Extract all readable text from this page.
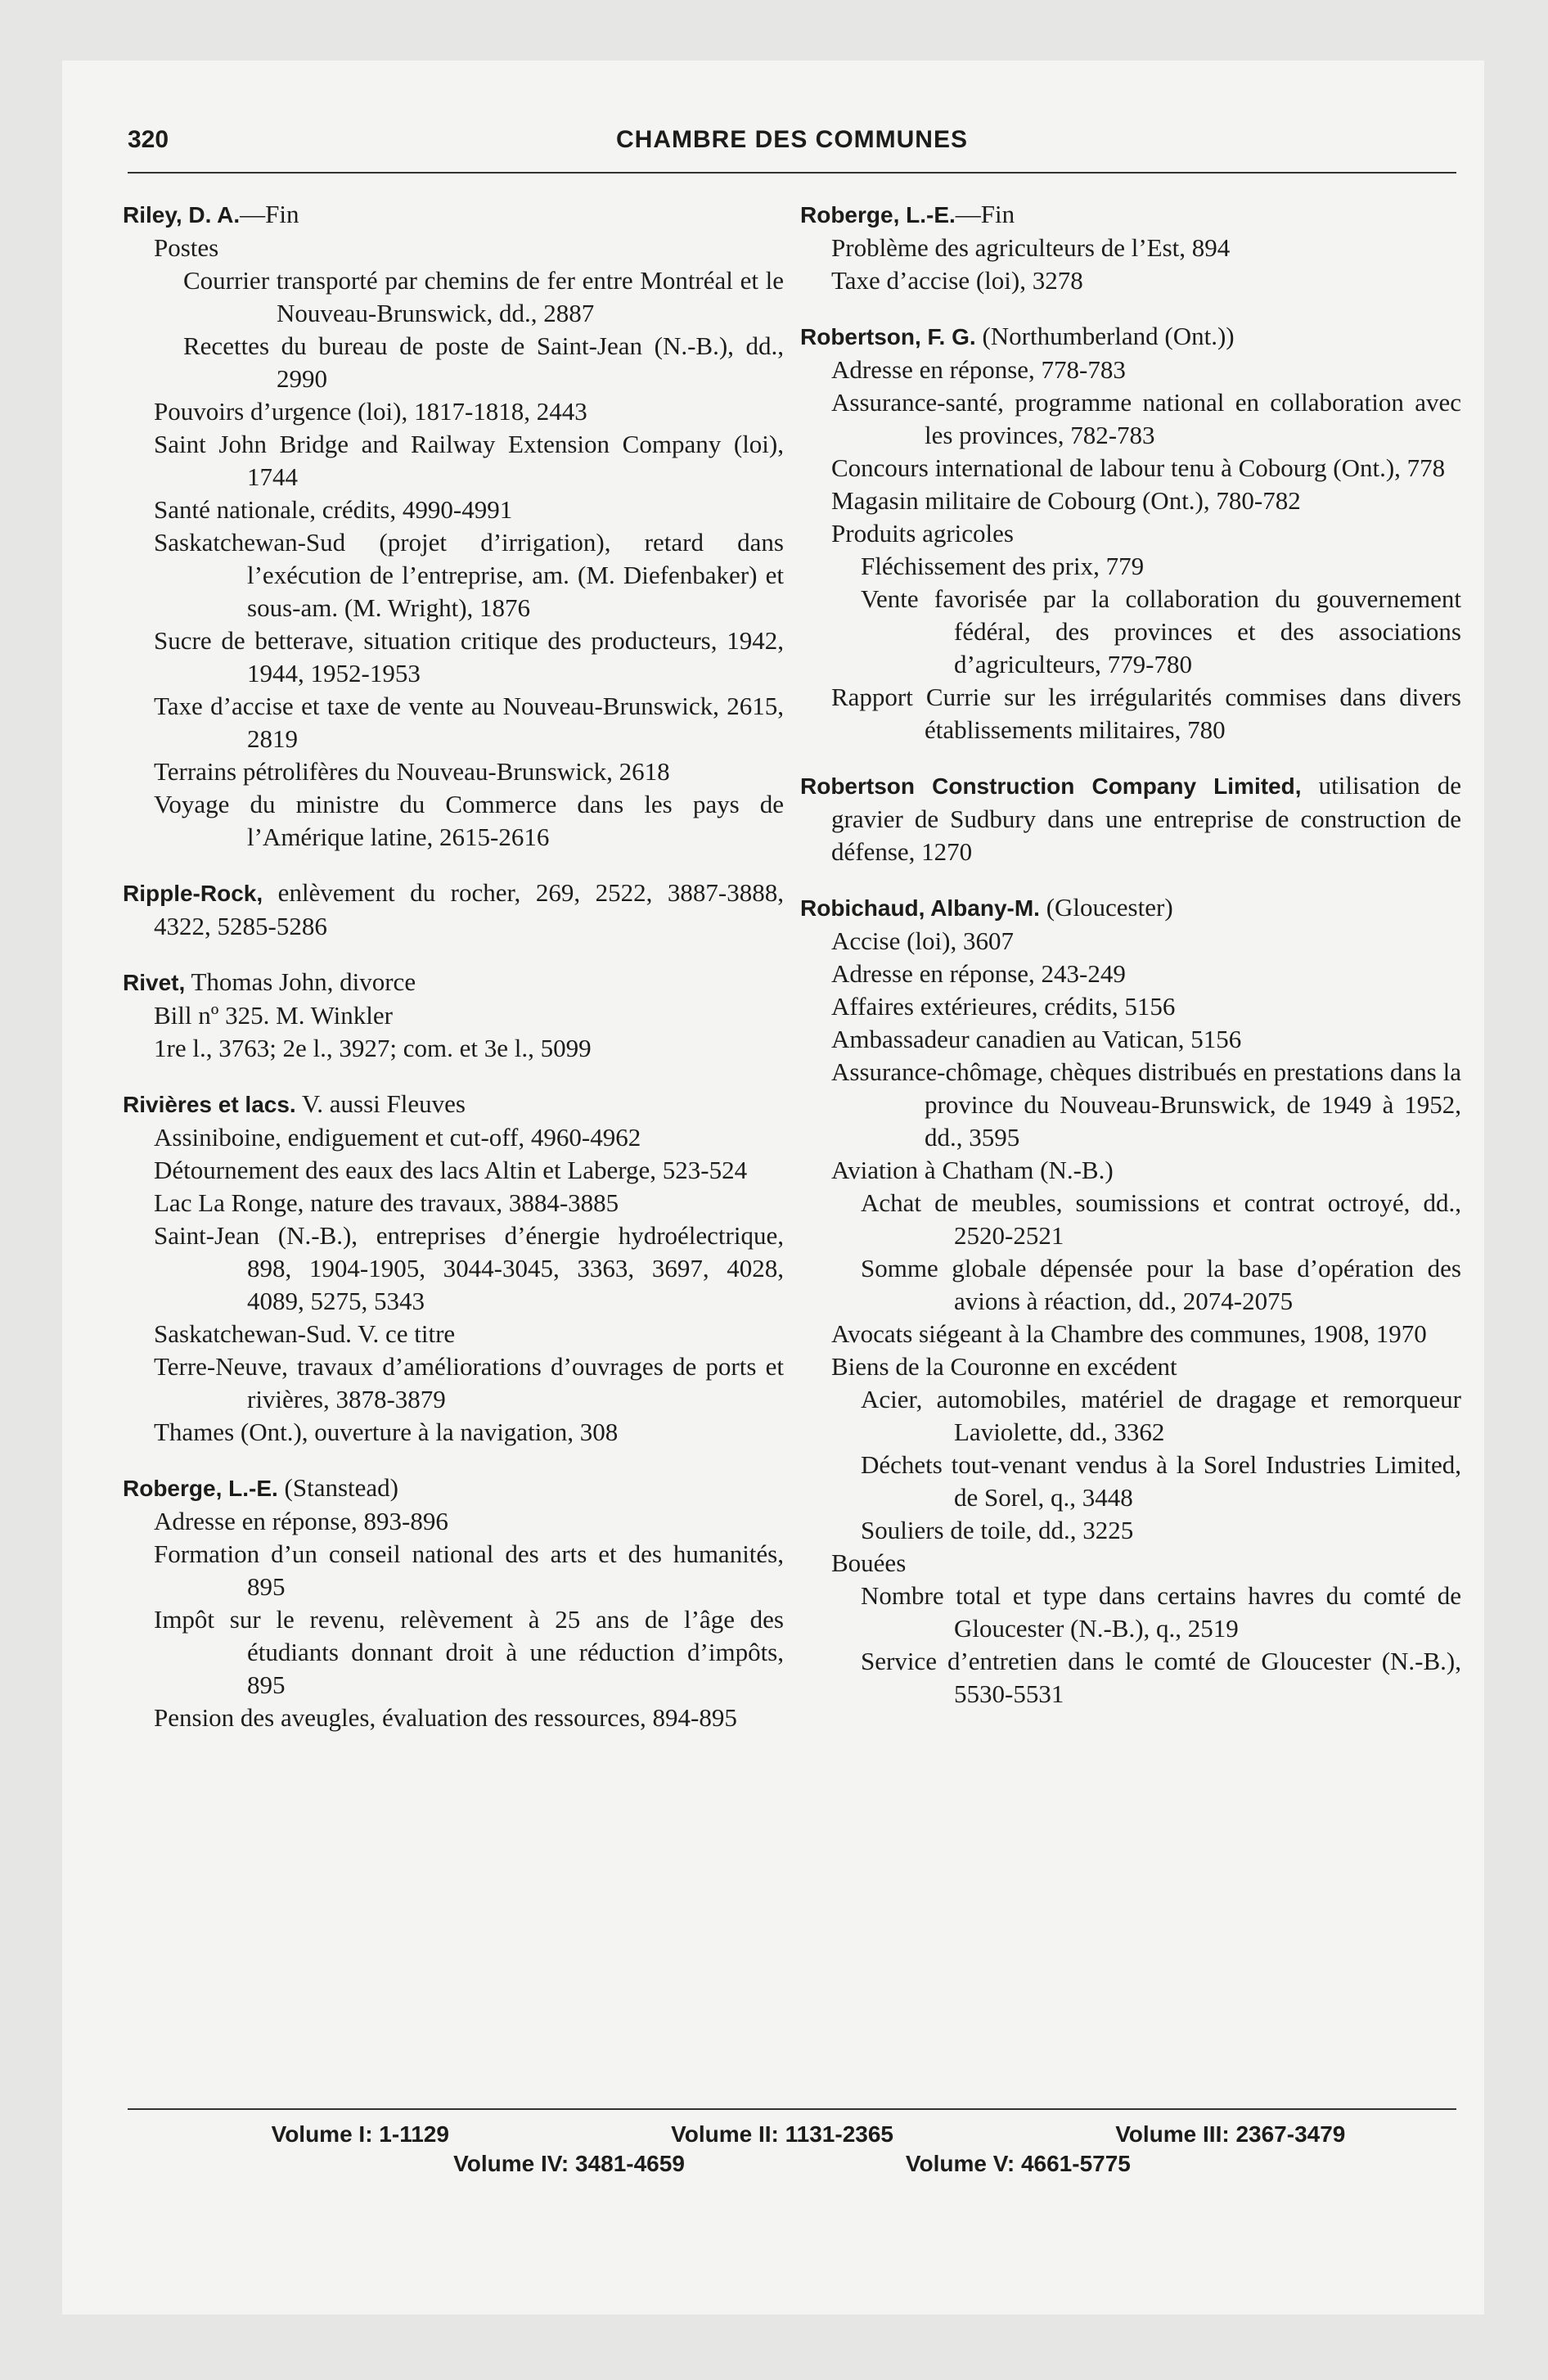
320	CHAMBRE DES COMMUNES

Riley, D. A.—Fin

Postes

Courrier transporté par chemins de fer entre Montréal et le Nouveau-Brunswick, dd., 2887

Recettes du bureau de poste de Saint-Jean (N.-B.), dd., 2990

Pouvoirs d’urgence (loi), 1817-1818, 2443

Saint John Bridge and Railway Extension Company (loi), 1744

Santé nationale, crédits, 4990-4991

Saskatchewan-Sud (projet d’irrigation), retard dans l’exécution de l’entreprise, am. (M. Diefenbaker) et sous-am. (M. Wright), 1876

Sucre de betterave, situation critique des producteurs, 1942, 1944, 1952-1953

Taxe d’accise et taxe de vente au Nouveau-Brunswick, 2615, 2819

Terrains pétrolifères du Nouveau-Brunswick, 2618

Voyage du ministre du Commerce dans les pays de l’Amérique latine, 2615-2616

Ripple-Rock, enlèvement du rocher, 269, 2522, 3887-3888, 4322, 5285-5286

Rivet, Thomas John, divorce

Bill nº 325. M. Winkler

1re l., 3763; 2e l., 3927; com. et 3e l., 5099

Rivières et lacs. V. aussi Fleuves

Assiniboine, endiguement et cut-off, 4960-4962

Détournement des eaux des lacs Altin et Laberge, 523-524

Lac La Ronge, nature des travaux, 3884-3885

Saint-Jean (N.-B.), entreprises d’énergie hydroélectrique, 898, 1904-1905, 3044-3045, 3363, 3697, 4028, 4089, 5275, 5343

Saskatchewan-Sud. V. ce titre

Terre-Neuve, travaux d’améliorations d’ouvrages de ports et rivières, 3878-3879

Thames (Ont.), ouverture à la navigation, 308

Roberge, L.-E. (Stanstead)

Adresse en réponse, 893-896

Formation d’un conseil national des arts et des humanités, 895

Impôt sur le revenu, relèvement à 25 ans de l’âge des étudiants donnant droit à une réduction d’impôts, 895

Pension des aveugles, évaluation des ressources, 894-895

Roberge, L.-E.—Fin

Problème des agriculteurs de l’Est, 894

Taxe d’accise (loi), 3278

Robertson, F. G. (Northumberland (Ont.))

Adresse en réponse, 778-783

Assurance-santé, programme national en collaboration avec les provinces, 782-783

Concours international de labour tenu à Cobourg (Ont.), 778

Magasin militaire de Cobourg (Ont.), 780-782

Produits agricoles

Fléchissement des prix, 779

Vente favorisée par la collaboration du gouvernement fédéral, des provinces et des associations d’agriculteurs, 779-780

Rapport Currie sur les irrégularités commises dans divers établissements militaires, 780

Robertson Construction Company Limited, utilisation de gravier de Sudbury dans une entreprise de construction de défense, 1270

Robichaud, Albany-M. (Gloucester)

Accise (loi), 3607

Adresse en réponse, 243-249

Affaires extérieures, crédits, 5156

Ambassadeur canadien au Vatican, 5156

Assurance-chômage, chèques distribués en prestations dans la province du Nouveau-Brunswick, de 1949 à 1952, dd., 3595

Aviation à Chatham (N.-B.)

Achat de meubles, soumissions et contrat octroyé, dd., 2520-2521

Somme globale dépensée pour la base d’opération des avions à réaction, dd., 2074-2075

Avocats siégeant à la Chambre des communes, 1908, 1970

Biens de la Couronne en excédent

Acier, automobiles, matériel de dragage et remorqueur Laviolette, dd., 3362

Déchets tout-venant vendus à la Sorel Industries Limited, de Sorel, q., 3448

Souliers de toile, dd., 3225

Bouées

Nombre total et type dans certains havres du comté de Gloucester (N.-B.), q., 2519

Service d’entretien dans le comté de Gloucester (N.-B.), 5530-5531

Volume I: 1-1129	Volume II: 1131-2365	Volume III: 2367-3479
Volume IV: 3481-4659	Volume V: 4661-5775
